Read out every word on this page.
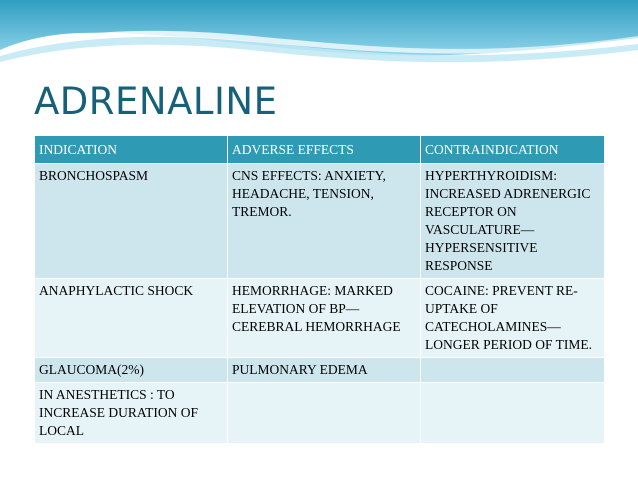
ADRENALINE
INDICATION	ADVERSE EFFECTS	CONTRAINDICATION

BRONCHOSPASM	CNS EFFECTS: ANXIETY, HEADACHE, TENSION, TREMOR.	HYPERTHYROIDISM: INCREASED ADRENERGIC RECEPTOR ON VASCULATURE—HYPERSENSITIVE RESPONSE

ANAPHYLACTIC SHOCK	HEMORRHAGE: MARKED ELEVATION OF BP—CEREBRAL HEMORRHAGE	COCAINE: PREVENT RE-UPTAKE OF CATECHOLAMINES—LONGER PERIOD OF TIME.

GLAUCOMA(2%)	PULMONARY EDEMA	

IN ANESTHETICS : TO INCREASE DURATION OF LOCAL		
